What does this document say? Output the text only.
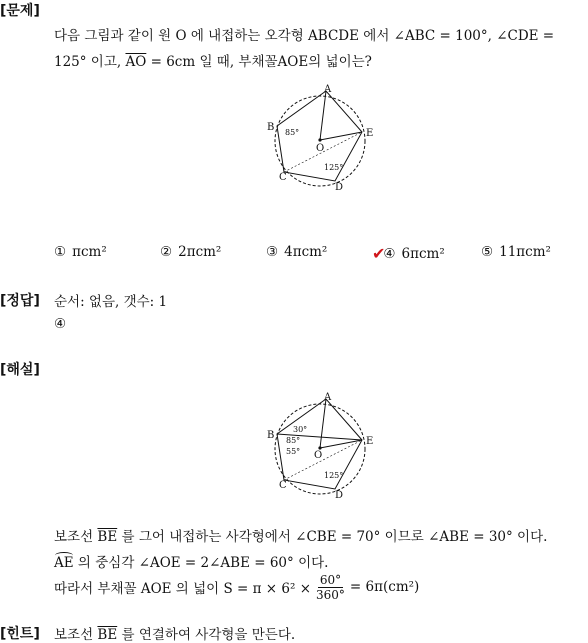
[문제]
다음 그림과 같이 원 O 에 내접하는 오각형 ABCDE 에서 ∠ABC = 100°, ∠CDE =
125° 이고, $\overline{AO} = 6cm$ 일 때, 부채꼴AOE의 넓이는?
A
B
C
D
E
O
85°
125°
① πcm²	② 2πcm²	③ 4πcm²	✔
④ 6πcm²	⑤ 11πcm²
[정답] 순서: 없음, 갯수: 1
④
[해설]
A
B
C
D
E
O
30°
85°
55°
125°
보조선 $\overline{BE}$ 를 그어 내접하는 사각형에서 ∠CBE = 70° 이므로 ∠ABE = 30° 이다.
AE 의 중심각 ∠AOE = 2∠ABE = 60° 이다.
따라서 부채꼴 AOE 의 넓이 $S = \pi \times 6^2 \times \frac{60^\circ}{360^\circ} = 6\pi(cm^2)$
[힌트] 보조선 $\overline{BE}$ 를 연결하여 사각형을 만든다.
